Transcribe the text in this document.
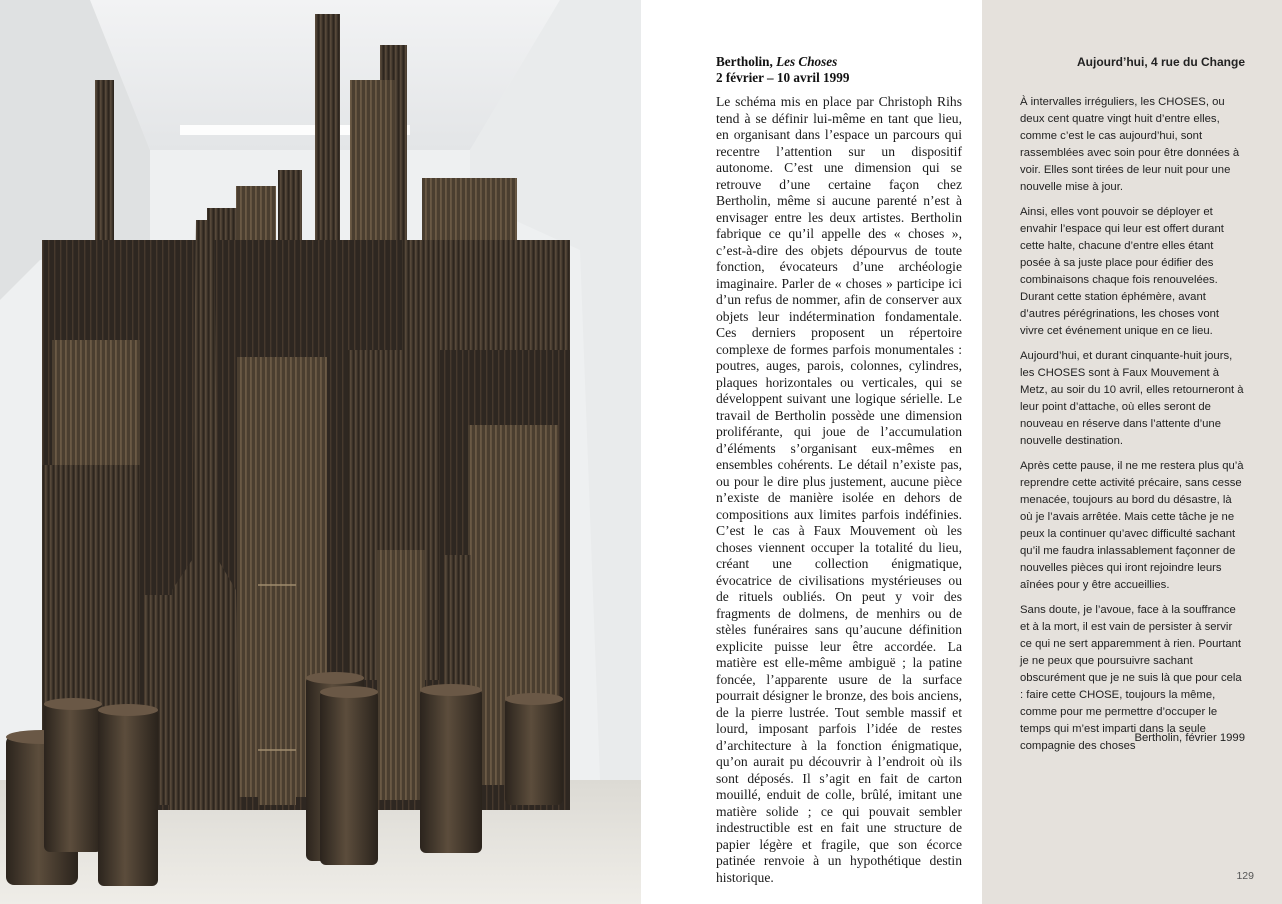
Bertholin, Les Choses
2 février – 10 avril 1999

Le schéma mis en place par Christoph Rihs tend à se définir lui-même en tant que lieu, en organisant dans l’espace un parcours qui recentre l’attention sur un dispositif autonome. C’est une dimension qui se retrouve d’une certaine façon chez Bertholin, même si aucune parenté n’est à envisager entre les deux artistes. Bertholin fabrique ce qu’il appelle des « choses », c’est-à-dire des objets dépourvus de toute fonction, évocateurs d’une archéologie imaginaire. Parler de « choses » participe ici d’un refus de nommer, afin de conserver aux objets leur indétermination fondamentale. Ces derniers proposent un répertoire complexe de formes parfois monumentales : poutres, auges, parois, colonnes, cylindres, plaques horizontales ou verticales, qui se développent suivant une logique sérielle. Le travail de Bertholin possède une dimension proliférante, qui joue de l’accumulation d’éléments s’organisant eux-mêmes en ensembles cohérents. Le détail n’existe pas, ou pour le dire plus justement, aucune pièce n’existe de manière isolée en dehors de compositions aux limites parfois indéfinies. C’est le cas à Faux Mouvement où les choses viennent occuper la totalité du lieu, créant une collection énigmatique, évocatrice de civilisations mystérieuses ou de rituels oubliés. On peut y voir des fragments de dolmens, de menhirs ou de stèles funéraires sans qu’aucune définition explicite puisse leur être accordée. La matière est elle-même ambiguë ; la patine foncée, l’apparente usure de la surface pourrait désigner le bronze, des bois anciens, de la pierre lustrée. Tout semble massif et lourd, imposant parfois l’idée de restes d’architecture à la fonction énigmatique, qu’on aurait pu découvrir à l’endroit où ils sont déposés. Il s’agit en fait de carton mouillé, enduit de colle, brûlé, imitant une matière solide ; ce qui pouvait sembler indestructible est en fait une structure de papier légère et fragile, que son écorce patinée renvoie à un hypothétique destin historique.

Aujourd’hui, 4 rue du Change

À intervalles irréguliers, les CHOSES, ou deux cent quatre vingt huit d’entre elles, comme c’est le cas aujourd’hui, sont rassemblées avec soin pour être données à voir. Elles sont tirées de leur nuit pour une nouvelle mise à jour.

Ainsi, elles vont pouvoir se déployer et envahir l’espace qui leur est offert durant cette halte, chacune d’entre elles étant posée à sa juste place pour édifier des combinaisons chaque fois renouvelées. Durant cette station éphémère, avant d’autres pérégrinations, les choses vont vivre cet événement unique en ce lieu.

Aujourd’hui, et durant cinquante-huit jours, les CHOSES sont à Faux Mouvement à Metz, au soir du 10 avril, elles retourneront à leur point d’attache, où elles seront de nouveau en réserve dans l’attente d’une nouvelle destination.

Après cette pause, il ne me restera plus qu’à reprendre cette activité précaire, sans cesse menacée, toujours au bord du désastre, là où je l’avais arrêtée. Mais cette tâche je ne peux la continuer qu’avec difficulté sachant qu’il me faudra inlassablement façonner de nouvelles pièces qui iront rejoindre leurs aînées pour y être accueillies.

Sans doute, je l’avoue, face à la souffrance et à la mort, il est vain de persister à servir ce qui ne sert apparemment à rien. Pourtant je ne peux que poursuivre sachant obscurément que je ne suis là que pour cela : faire cette CHOSE, toujours la même, comme pour me permettre d’occuper le temps qui m’est imparti dans la seule compagnie des choses

Bertholin, février 1999

129
